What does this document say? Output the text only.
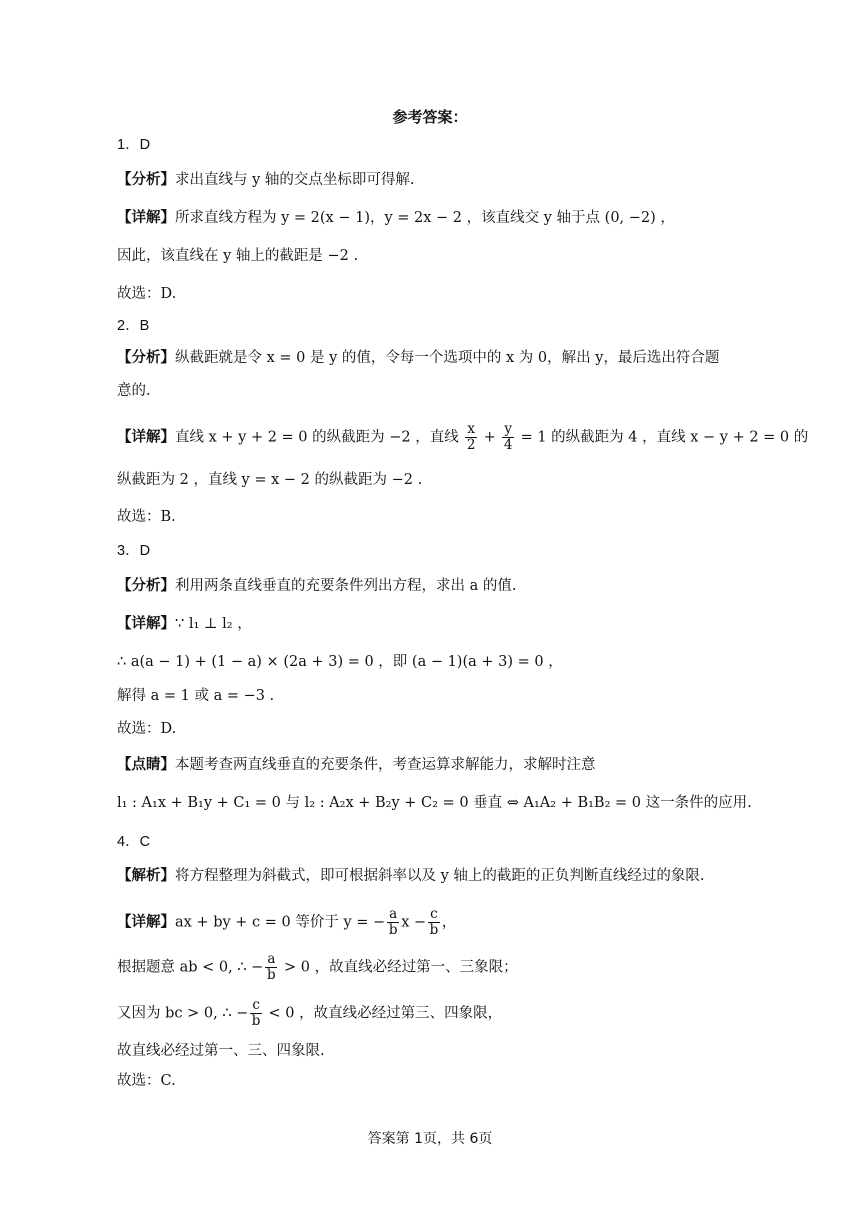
参考答案：
1．D
【分析】求出直线与 y 轴的交点坐标即可得解.
【详解】所求直线方程为 y = 2(x − 1)，y = 2x − 2 ，该直线交 y 轴于点 (0, −2) ，
因此，该直线在 y 轴上的截距是 −2 .
故选：D.
2．B
【分析】纵截距就是令 x = 0 是 y 的值，令每一个选项中的 x 为 0，解出 y，最后选出符合题
意的.
【详解】直线 x + y + 2 = 0 的纵截距为 −2 ，直线 $\frac{x}{2} + \frac{y}{4} = 1$ 的纵截距为 4 ，直线 x − y + 2 = 0 的
纵截距为 2 ，直线 y = x − 2 的纵截距为 −2 .
故选：B.
3．D
【分析】利用两条直线垂直的充要条件列出方程，求出 a 的值.
【详解】∵ l₁ ⊥ l₂ ，
∴ a(a − 1) + (1 − a) × (2a + 3) = 0 ，即 (a − 1)(a + 3) = 0 ，
解得 a = 1 或 a = −3 .
故选：D.
【点睛】本题考查两直线垂直的充要条件，考查运算求解能力，求解时注意
l₁ : A₁x + B₁y + C₁ = 0 与 l₂ : A₂x + B₂y + C₂ = 0 垂直 ⇔ A₁A₂ + B₁B₂ = 0 这一条件的应用.
4．C
【解析】将方程整理为斜截式，即可根据斜率以及 y 轴上的截距的正负判断直线经过的象限.
【详解】ax + by + c = 0 等价于 y = − $\frac{a}{b}$ $x - \frac{c}{b}$ ，
根据题意 ab < 0, ∴ − $\frac{a}{b} > 0$ ，故直线必经过第一、三象限；
又因为 bc > 0, ∴ − $\frac{c}{b} < 0$ ，故直线必经过第三、四象限，
故直线必经过第一、三、四象限.
故选：C.
答案第 1页，共 6页
